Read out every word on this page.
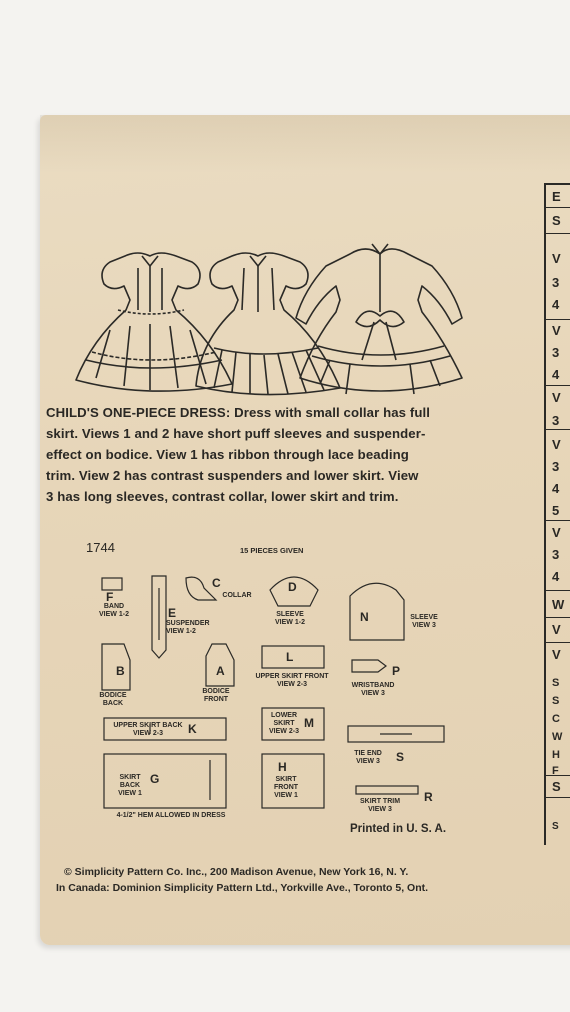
E
S
V
3
4
V
3
4
V
3
V
3
4
5
V
3
4
W
V
V
S
S
C
W
H
F
S
S
CHILD'S ONE-PIECE DRESS: Dress with small collar has full
skirt. Views 1 and 2 have short puff sleeves and suspender-
effect on bodice. View 1 has ribbon through lace beading
trim. View 2 has contrast suspenders and lower skirt. View
3 has long sleeves, contrast collar, lower skirt and trim.
1744	15 PIECES GIVEN
F
BAND VIEW 1-2	E
SUSPENDER VIEW 1-2
C
COLLAR
D
SLEEVE VIEW 1-2	N	SLEEVE VIEW 3
B
BODICE BACK
A
BODICE FRONT
L
UPPER SKIRT FRONT VIEW 2-3
P
WRISTBAND VIEW 3
K
UPPER SKIRT BACK VIEW 2-3
M
LOWER SKIRT VIEW 2-3
S
TIE END VIEW 3
G
SKIRT BACK VIEW 1
H
SKIRT FRONT VIEW 1	R
SKIRT TRIM VIEW 3
4-1/2" HEM ALLOWED IN DRESS
Printed in U. S. A.
© Simplicity Pattern Co. Inc., 200 Madison Avenue, New York 16, N. Y.
In Canada: Dominion Simplicity Pattern Ltd., Yorkville Ave., Toronto 5, Ont.
